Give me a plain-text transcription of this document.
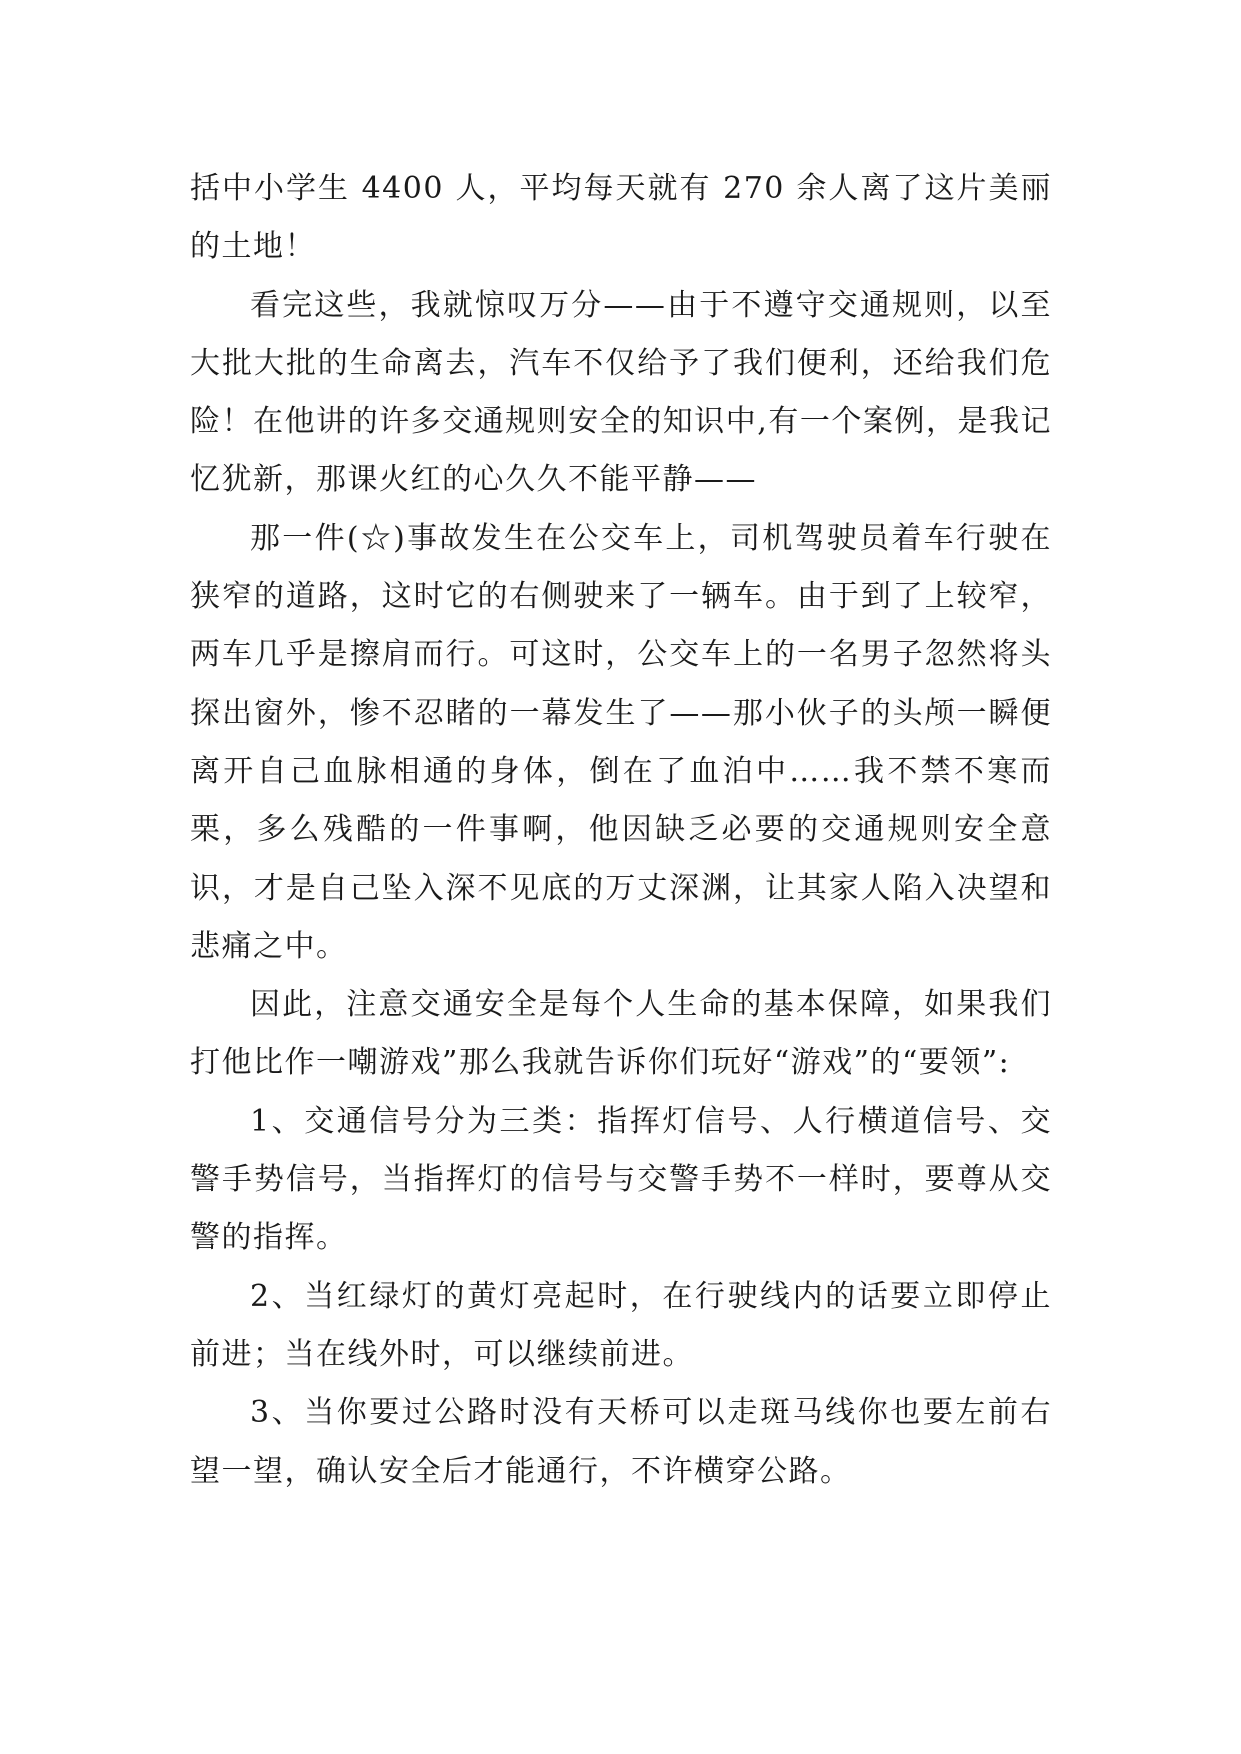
括中小学生 4400 人，平均每天就有 270 余人离了这片美丽的土地！

看完这些，我就惊叹万分——由于不遵守交通规则，以至大批大批的生命离去，汽车不仅给予了我们便利，还给我们危险！在他讲的许多交通规则安全的知识中,有一个案例，是我记忆犹新，那课火红的心久久不能平静——

那一件(☆)事故发生在公交车上，司机驾驶员着车行驶在狭窄的道路，这时它的右侧驶来了一辆车。由于到了上较窄，两车几乎是擦肩而行。可这时，公交车上的一名男子忽然将头探出窗外，惨不忍睹的一幕发生了——那小伙子的头颅一瞬便离开自己血脉相通的身体，倒在了血泊中……我不禁不寒而栗，多么残酷的一件事啊，他因缺乏必要的交通规则安全意识，才是自己坠入深不见底的万丈深渊，让其家人陷入决望和悲痛之中。

因此，注意交通安全是每个人生命的基本保障，如果我们打他比作一嘲游戏”那么我就告诉你们玩好“游戏”的“要领”:

1、交通信号分为三类：指挥灯信号、人行横道信号、交警手势信号，当指挥灯的信号与交警手势不一样时，要尊从交警的指挥。

2、当红绿灯的黄灯亮起时，在行驶线内的话要立即停止前进；当在线外时，可以继续前进。

3、当你要过公路时没有天桥可以走斑马线你也要左前右望一望，确认安全后才能通行，不许横穿公路。
